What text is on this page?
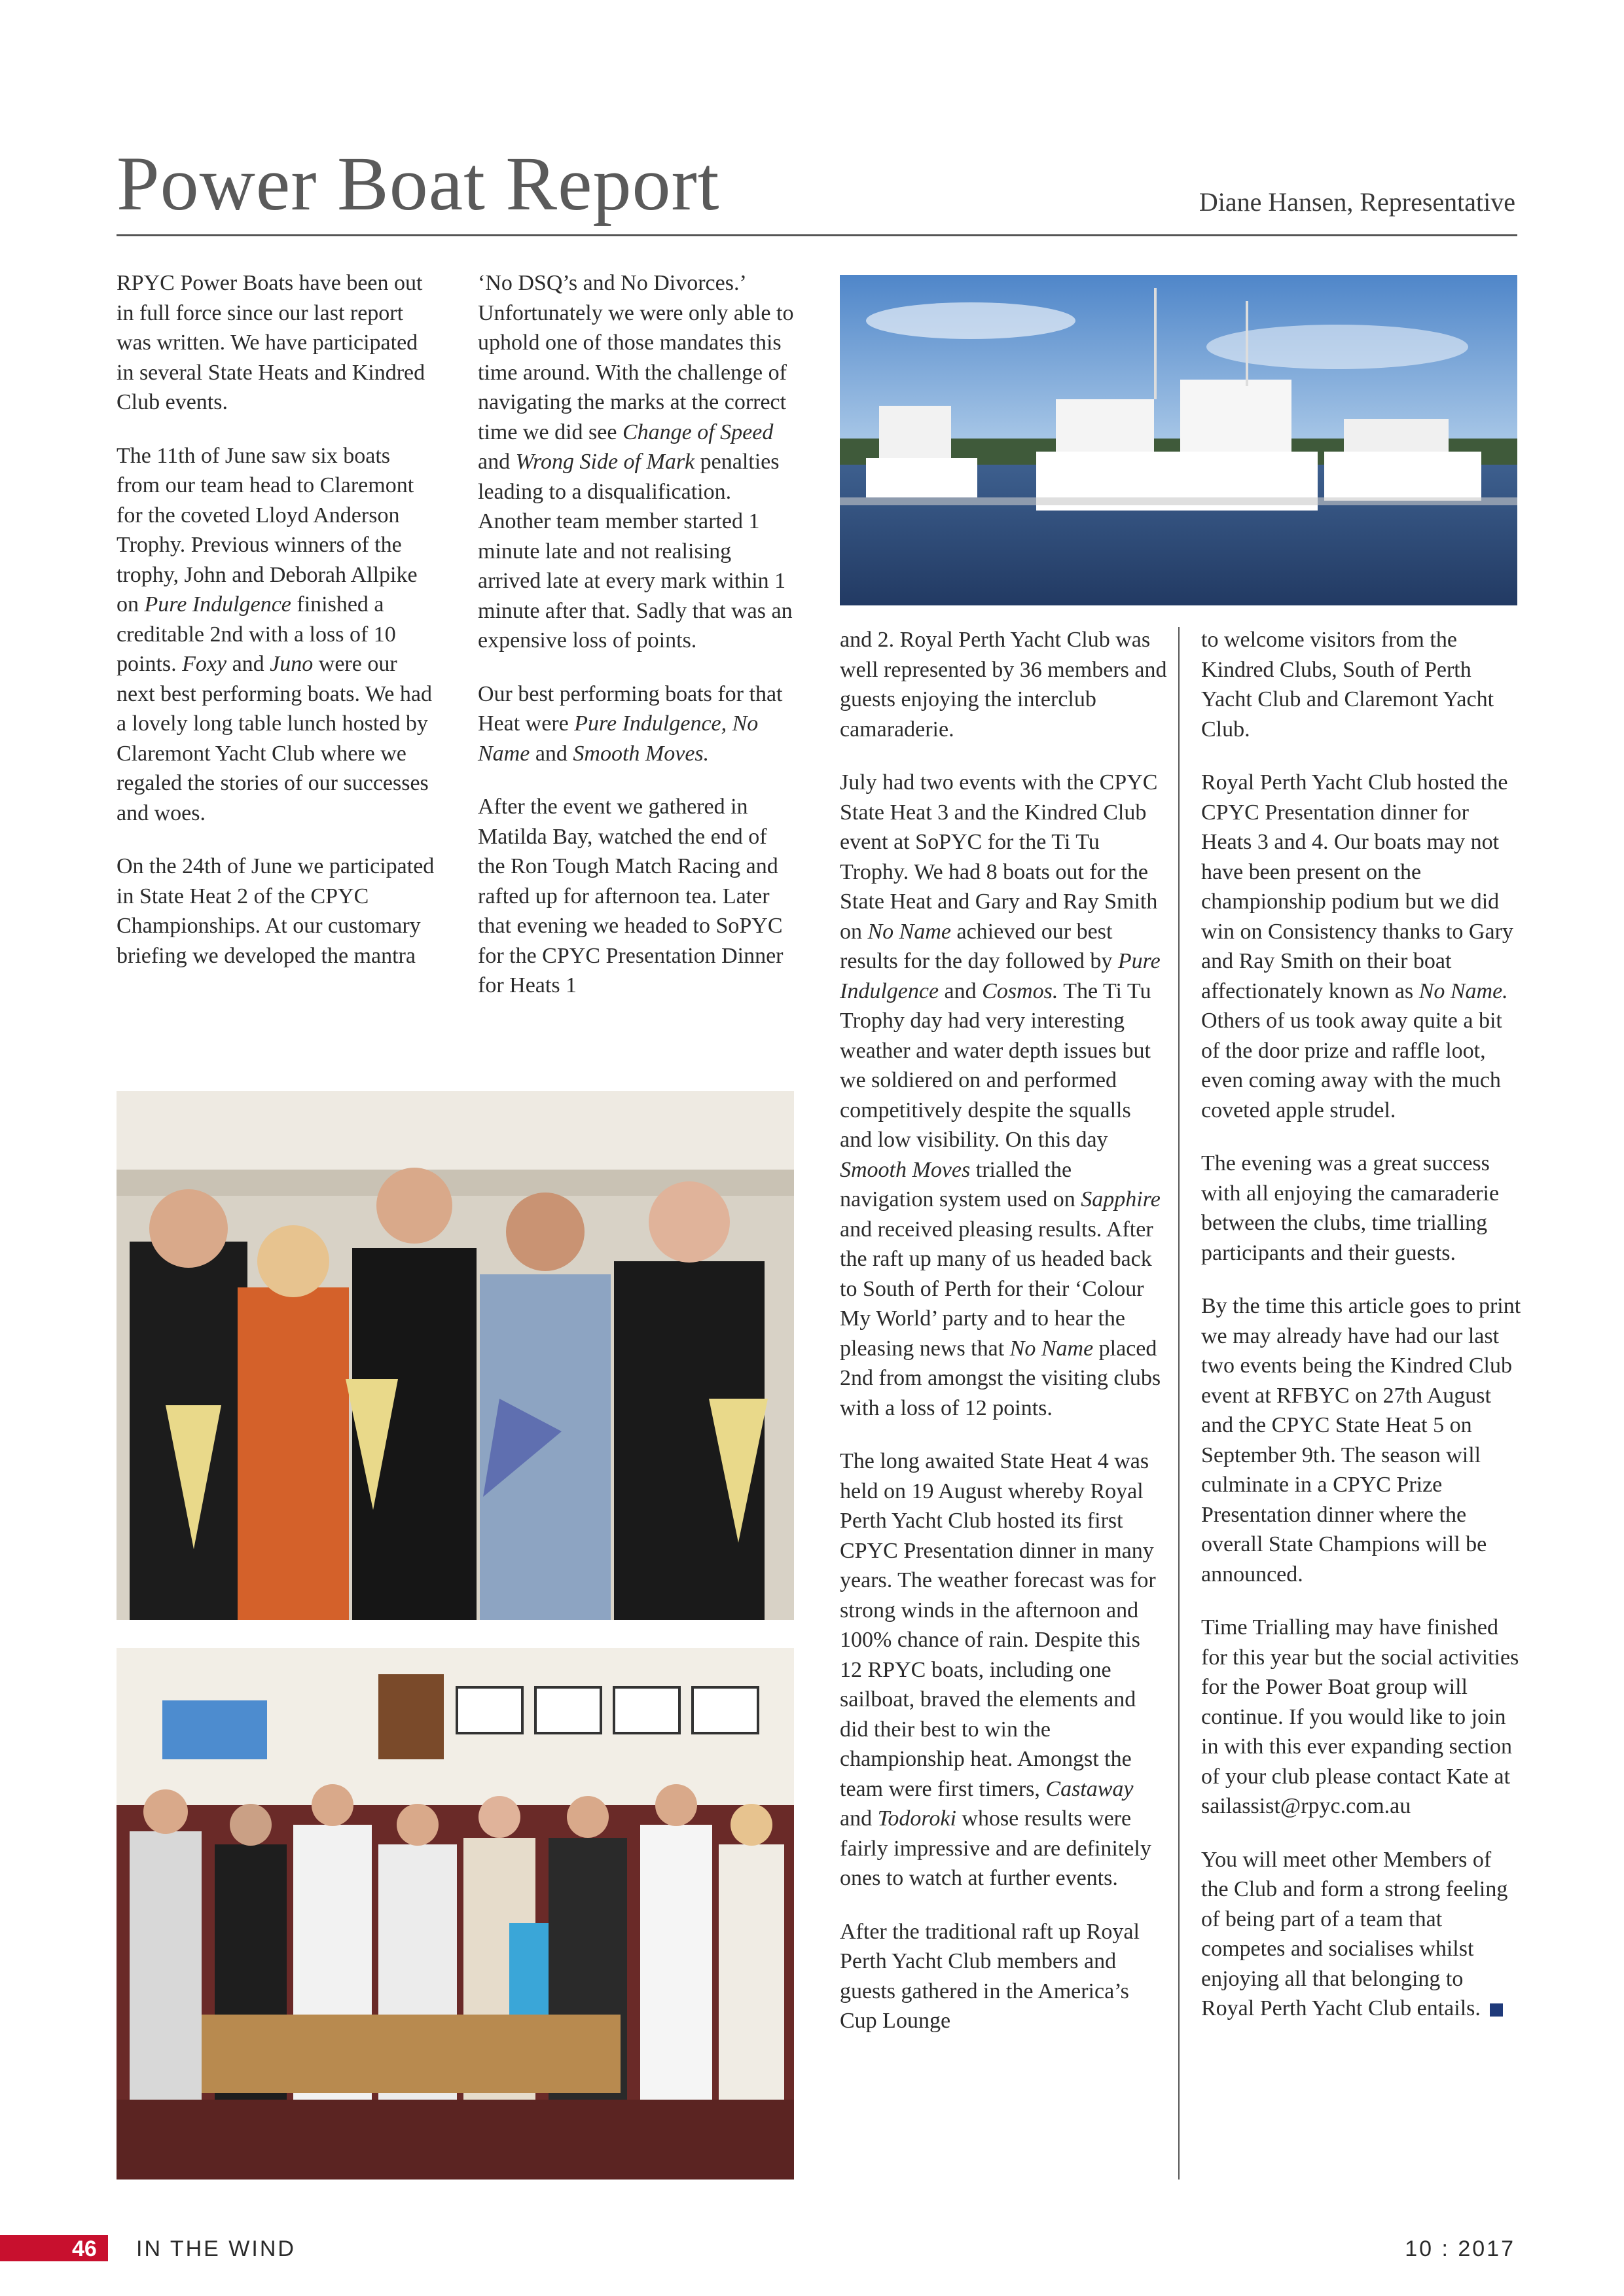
Power Boat Report	Diane Hansen, Representative

RPYC Power Boats have been out in full force since our last report was written. We have participated in several State Heats and Kindred Club events.

The 11th of June saw six boats from our team head to Claremont for the coveted Lloyd Anderson Trophy. Previous winners of the trophy, John and Deborah Allpike on Pure Indulgence finished a creditable 2nd with a loss of 10 points. Foxy and Juno were our next best performing boats. We had a lovely long table lunch hosted by Claremont Yacht Club where we regaled the stories of our successes and woes.

On the 24th of June we participated in State Heat 2 of the CPYC Championships. At our customary briefing we developed the mantra

‘No DSQ’s and No Divorces.’ Unfortunately we were only able to uphold one of those mandates this time around. With the challenge of navigating the marks at the correct time we did see Change of Speed and Wrong Side of Mark penalties leading to a disqualification. Another team member started 1 minute late and not realising arrived late at every mark within 1 minute after that. Sadly that was an expensive loss of points.

Our best performing boats for that Heat were Pure Indulgence, No Name and Smooth Moves.

After the event we gathered in Matilda Bay, watched the end of the Ron Tough Match Racing and rafted up for afternoon tea. Later that evening we headed to SoPYC for the CPYC Presentation Dinner for Heats 1

and 2. Royal Perth Yacht Club was well represented by 36 members and guests enjoying the interclub camaraderie.

July had two events with the CPYC State Heat 3 and the Kindred Club event at SoPYC for the Ti Tu Trophy. We had 8 boats out for the State Heat and Gary and Ray Smith on No Name achieved our best results for the day followed by Pure Indulgence and Cosmos. The Ti Tu Trophy day had very interesting weather and water depth issues but we soldiered on and performed competitively despite the squalls and low visibility. On this day Smooth Moves trialled the navigation system used on Sapphire and received pleasing results. After the raft up many of us headed back to South of Perth for their ‘Colour My World’ party and to hear the pleasing news that No Name placed 2nd from amongst the visiting clubs with a loss of 12 points.

The long awaited State Heat 4 was held on 19 August whereby Royal Perth Yacht Club hosted its first CPYC Presentation dinner in many years. The weather forecast was for strong winds in the afternoon and 100% chance of rain. Despite this 12 RPYC boats, including one sailboat, braved the elements and did their best to win the championship heat. Amongst the team were first timers, Castaway and Todoroki whose results were fairly impressive and are definitely ones to watch at further events.

After the traditional raft up Royal Perth Yacht Club members and guests gathered in the America’s Cup Lounge

to welcome visitors from the Kindred Clubs, South of Perth Yacht Club and Claremont Yacht Club.

Royal Perth Yacht Club hosted the CPYC Presentation dinner for Heats 3 and 4. Our boats may not have been present on the championship podium but we did win on Consistency thanks to Gary and Ray Smith on their boat affectionately known as No Name. Others of us took away quite a bit of the door prize and raffle loot, even coming away with the much coveted apple strudel.

The evening was a great success with all enjoying the camaraderie between the clubs, time trialling participants and their guests.

By the time this article goes to print we may already have had our last two events being the Kindred Club event at RFBYC on 27th August and the CPYC State Heat 5 on September 9th. The season will culminate in a CPYC Prize Presentation dinner where the overall State Champions will be announced.

Time Trialling may have finished for this year but the social activities for the Power Boat group will continue. If you would like to join in with this ever expanding section of your club please contact Kate at sailassist@rpyc.com.au

You will meet other Members of the Club and form a strong feeling of being part of a team that competes and socialises whilst enjoying all that belonging to Royal Perth Yacht Club entails.

46 IN THE WIND	10 : 2017
